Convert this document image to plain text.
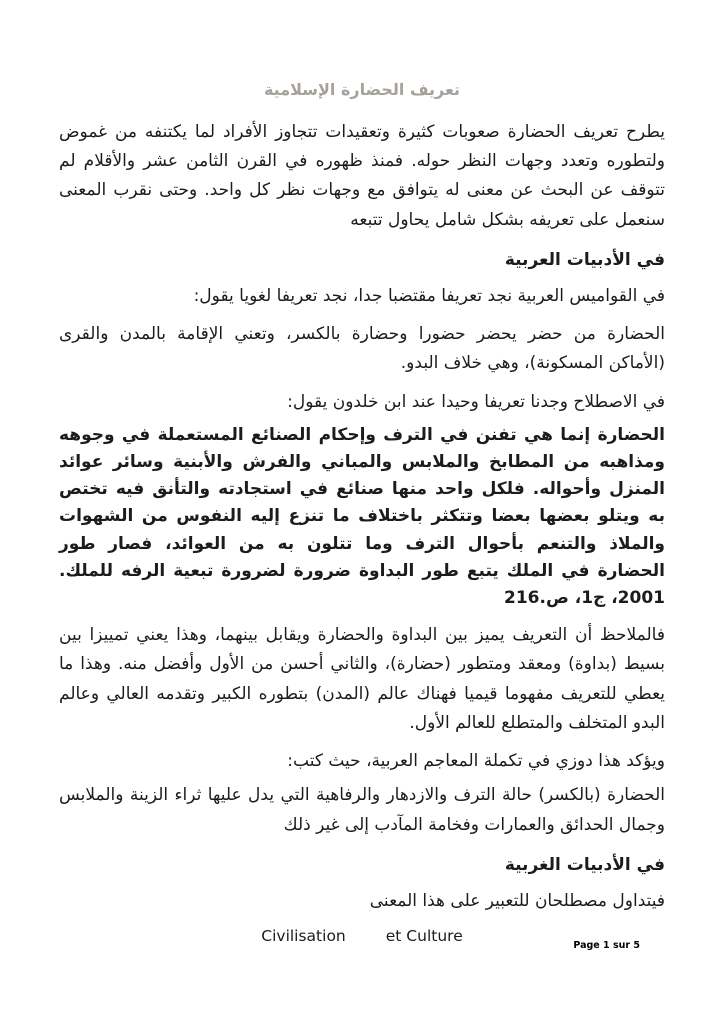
تعريف الحضارة الإسلامية

يطرح تعريف الحضارة صعوبات كثيرة وتعقيدات تتجاوز الأفراد لما يكتنفه من غموض ولتطوره وتعدد وجهات النظر حوله. فمنذ ظهوره في القرن الثامن عشر والأقلام لم تتوقف عن البحث عن معنى له يتوافق مع وجهات نظر كل واحد. وحتى نقرب المعنى سنعمل على تعريفه بشكل شامل يحاول تتبعه

في الأدبيات العربية

في القواميس العربية نجد تعريفا مقتضبا جدا، نجد تعريفا لغويا يقول:

الحضارة من حضر يحضر حضورا وحضارة بالكسر، وتعني الإقامة بالمدن والقرى (الأماكن المسكونة)، وهي خلاف البدو.

في الاصطلاح وجدنا تعريفا وحيدا عند ابن خلدون يقول:

الحضارة إنما هي تفنن في الترف وإحكام الصنائع المستعملة في وجوهه ومذاهبه من المطابخ والملابس والمباني والفرش والأبنية وسائر عوائد المنزل وأحواله. فلكل واحد منها صنائع في استجادته والتأنق فيه تختص به ويتلو بعضها بعضا وتتكثر باختلاف ما تنزع إليه النفوس من الشهوات والملاذ والتنعم بأحوال الترف وما تتلون به من العوائد، فصار طور الحضارة في الملك يتبع طور البداوة ضرورة لضرورة تبعية الرفه للملك. 2001، ج1، ص.216

فالملاحظ أن التعريف يميز بين البداوة والحضارة ويقابل بينهما، وهذا يعني تمييزا بين بسيط (بداوة) ومعقد ومتطور (حضارة)، والثاني أحسن من الأول وأفضل منه. وهذا ما يعطي للتعريف مفهوما قيميا فهناك عالم (المدن) بتطوره الكبير وتقدمه العالي وعالم البدو المتخلف والمتطلع للعالم الأول.

ويؤكد هذا دوزي في تكملة المعاجم العربية، حيث كتب:

الحضارة (بالكسر) حالة الترف والازدهار والرفاهية التي يدل عليها ثراء الزينة والملابس وجمال الحدائق والعمارات وفخامة المآدب إلى غير ذلك

في الأدبيات الغربية

فيتداول مصطلحان للتعبير على هذا المعنى

Civilisation	et Culture
Page 1 sur 5
